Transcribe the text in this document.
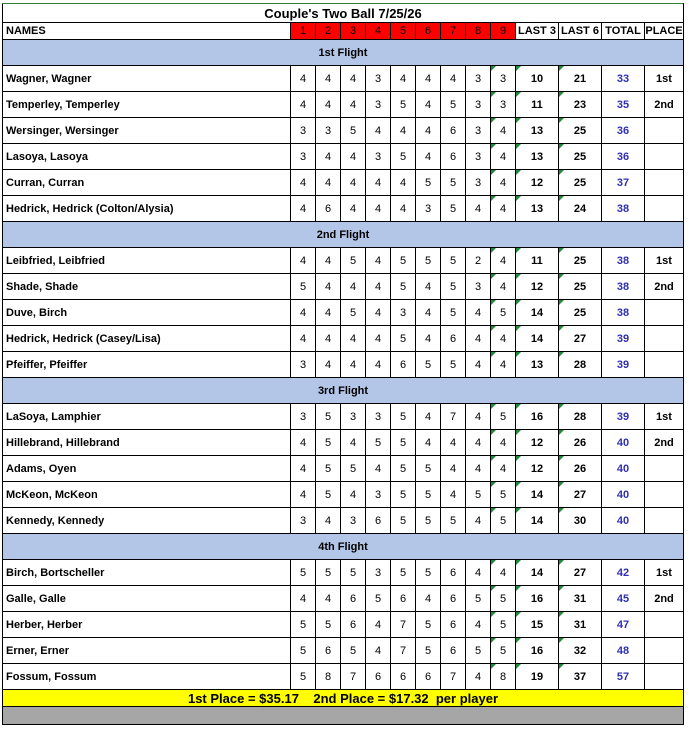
Couple's Two Ball 7/25/26													
NAMES	1	2	3	4	5	6	7	8	9	LAST 3	LAST 6	TOTAL	PLACE
1st Flight													
Wagner, Wagner	4	4	4	3	4	4	4	3	3	10	21	33	1st
Temperley, Temperley	4	4	4	3	5	4	5	3	3	11	23	35	2nd
Wersinger, Wersinger	3	3	5	4	4	4	6	3	4	13	25	36	
Lasoya, Lasoya	3	4	4	3	5	4	6	3	4	13	25	36	
Curran, Curran	4	4	4	4	4	5	5	3	4	12	25	37	
Hedrick, Hedrick (Colton/Alysia)	4	6	4	4	4	3	5	4	4	13	24	38	
2nd Flight													
Leibfried, Leibfried	4	4	5	4	5	5	5	2	4	11	25	38	1st
Shade, Shade	5	4	4	4	5	4	5	3	4	12	25	38	2nd
Duve, Birch	4	4	5	4	3	4	5	4	5	14	25	38	
Hedrick, Hedrick (Casey/Lisa)	4	4	4	4	5	4	6	4	4	14	27	39	
Pfeiffer, Pfeiffer	3	4	4	4	6	5	5	4	4	13	28	39	
3rd Flight													
LaSoya, Lamphier	3	5	3	3	5	4	7	4	5	16	28	39	1st
Hillebrand, Hillebrand	4	5	4	5	5	4	4	4	4	12	26	40	2nd
Adams, Oyen	4	5	5	4	5	5	4	4	4	12	26	40	
McKeon, McKeon	4	5	4	3	5	5	4	5	5	14	27	40	
Kennedy, Kennedy	3	4	3	6	5	5	5	4	5	14	30	40	
4th Flight													
Birch, Bortscheller	5	5	5	3	5	5	6	4	4	14	27	42	1st
Galle, Galle	4	4	6	5	6	4	6	5	5	16	31	45	2nd
Herber, Herber	5	5	6	4	7	5	6	4	5	15	31	47	
Erner, Erner	5	6	5	4	7	5	6	5	5	16	32	48	
Fossum, Fossum	5	8	7	6	6	6	7	4	8	19	37	57	
1st Place = $35.17    2nd Place = $17.32  per player													
